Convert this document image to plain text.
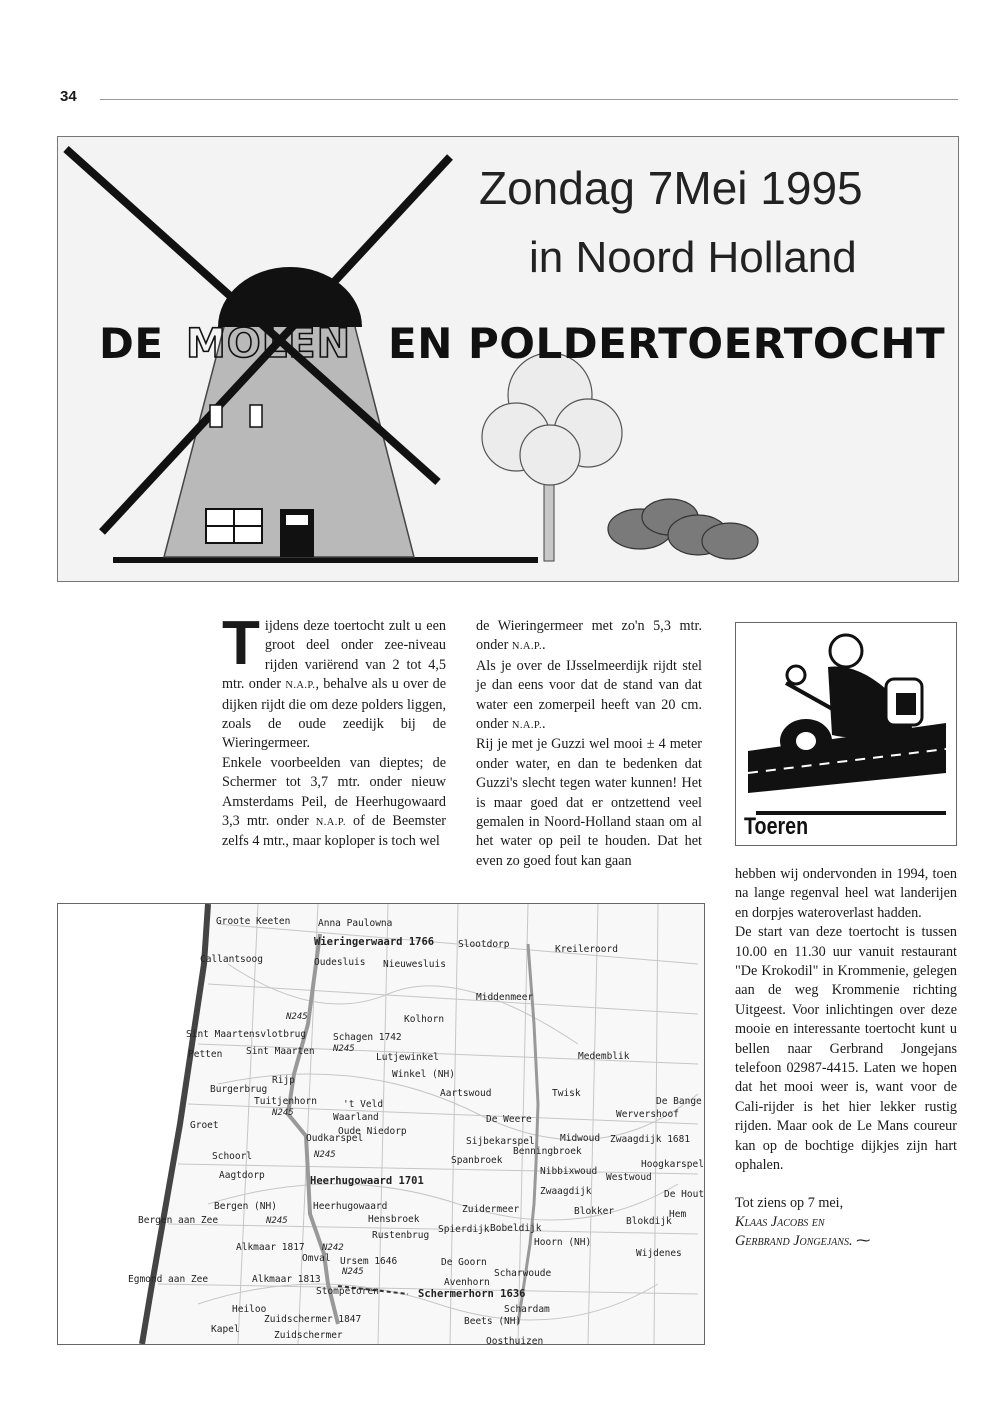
34
Zondag 7Mei 1995
in Noord Holland
DE MOLEN EN POLDERTOERTOCHT

Tijdens deze toertocht zult u een groot deel onder zee-niveau rijden variërend van 2 tot 4,5 mtr. onder N.A.P., behalve als u over de dijken rijdt die om deze polders liggen, zoals de oude zeedijk bij de Wieringermeer.

Enkele voorbeelden van dieptes; de Schermer tot 3,7 mtr. onder nieuw Amsterdams Peil, de Heerhugowaard 3,3 mtr. onder N.A.P. of de Beemster zelfs 4 mtr., maar koploper is toch wel

de Wieringermeer met zo'n 5,3 mtr. onder N.A.P..

Als je over de IJsselmeerdijk rijdt stel je dan eens voor dat de stand van dat water een zomerpeil heeft van 20 cm. onder N.A.P..

Rij je met je Guzzi wel mooi ± 4 meter onder water, en dan te bedenken dat Guzzi's slecht tegen water kunnen! Het is maar goed dat er ontzettend veel gemalen in Noord-Holland staan om al het water op peil te houden. Dat het even zo goed fout kan gaan

Toeren

hebben wij ondervonden in 1994, toen na lange regenval heel wat landerijen en dorpjes wateroverlast hadden.

De start van deze toertocht is tussen 10.00 en 11.30 uur vanuit restaurant "De Krokodil" in Krommenie, gelegen aan de weg Krommenie richting Uitgeest. Voor inlichtingen over deze mooie en interessante toertocht kunt u bellen naar Gerbrand Jongejans telefoon 02987-4415. Laten we hopen dat het mooi weer is, want voor de Cali-rijder is het hier lekker rustig rijden. Maar ook de Le Mans coureur kan op de bochtige dijkjes zijn hart ophalen.

Tot ziens op 7 mei,

Klaas Jacobs en

Gerbrand Jongejans. ⁓

Groote Keeten	Anna Paulowna
Wieringerwaard 1766	Slootdorp	Kreileroord
Callantsoog	Oudesluis Nieuwesluis
Middenmeer
N245	Kolhorn
Sint Maartensvlotbrug	Schagen 1742
N245
Petten Sint Maarten
Lutjewinkel	Medemblik
Winkel (NH)
Rijp
Burgerbrug	Aartswoud	Twisk
Tuitjenhorn	't Veld	De Bange
N245	Waarland	De Weere	Wervershoof
Groet
Oude Niedorp
Oudkarspel	Sijbekarspel	Midwoud Zwaagdijk 1681
Benningbroek
N245
Schoorl	Spanbroek	Hoogkarspel
Nibbixwoud
Aagtdorp	Heerhugowaard 1701	Westwoud
Zwaagdijk	De Hout
Bergen (NH)	Heerhugowaard	Zuidermeer	Blokker	Hem
Bergen aan Zee	N245	Hensbroek	Blokdijk
Spierdijk Bobeldijk
Rustenbrug
Hoorn (NH)
Alkmaar 1817 N242	Wijdenes
Omval Ursem 1646	De Goorn
N245	Scharwoude
Egmond aan Zee	Alkmaar 1813	Avenhorn
Stompetoren	Schermerhorn 1636
Heiloo	Schardam
Zuidschermer 1847	Beets (NH)
Kapel
Zuidschermer
Oosthuizen
